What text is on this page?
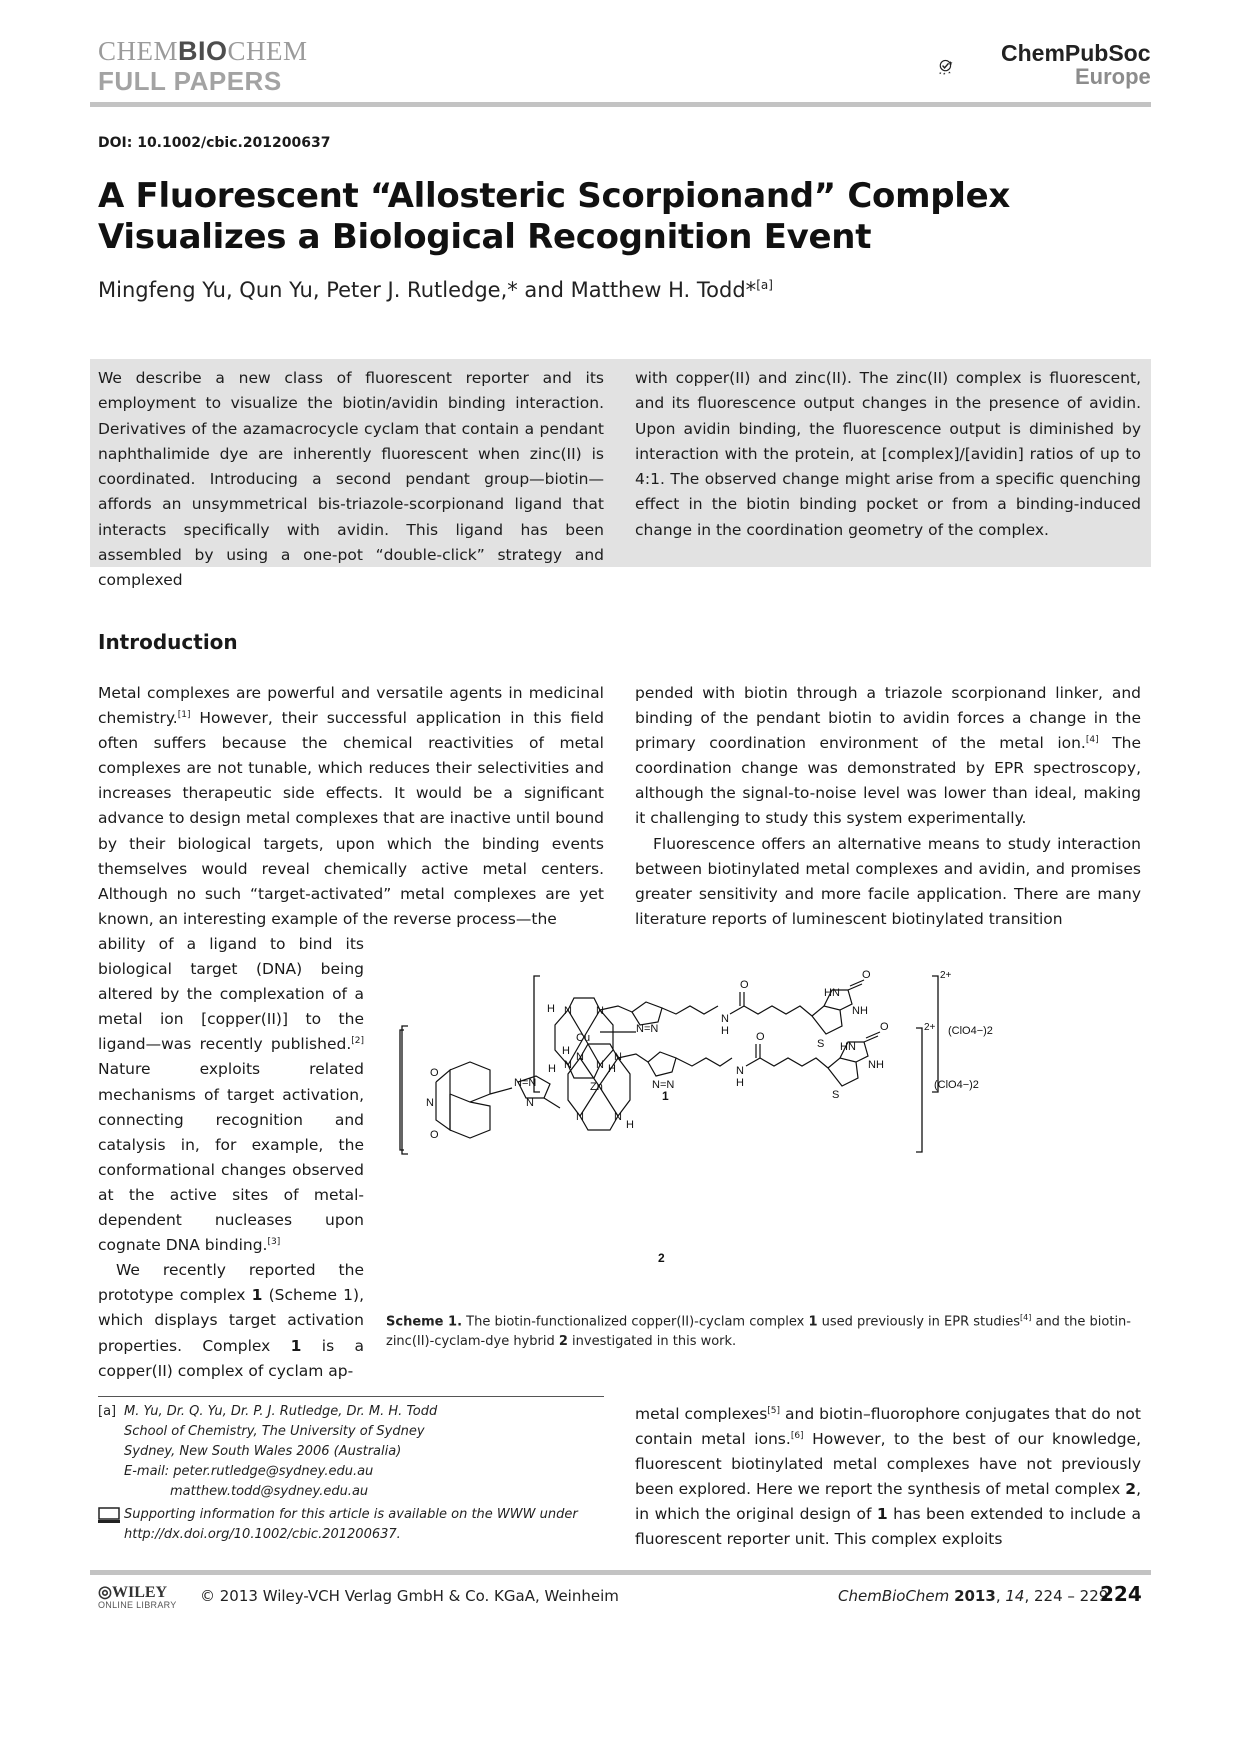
CHEMBIOCHEM
FULL PAPERS
ChemPubSoc
Europe
DOI: 10.1002/cbic.201200637
A Fluorescent “Allosteric Scorpionand” Complex Visualizes a Biological Recognition Event
Mingfeng Yu, Qun Yu, Peter J. Rutledge,* and Matthew H. Todd*[a]
We describe a new class of fluorescent reporter and its employment to visualize the biotin/avidin binding interaction. Derivatives of the azamacrocycle cyclam that contain a pendant naphthalimide dye are inherently fluorescent when zinc(II) is coordinated. Introducing a second pendant group—biotin—affords an unsymmetrical bis-triazole-scorpionand ligand that interacts specifically with avidin. This ligand has been assembled by using a one-pot “double-click” strategy and complexed
with copper(II) and zinc(II). The zinc(II) complex is fluorescent, and its fluorescence output changes in the presence of avidin. Upon avidin binding, the fluorescence output is diminished by interaction with the protein, at [complex]/[avidin] ratios of up to 4:1. The observed change might arise from a specific quenching effect in the biotin binding pocket or from a binding-induced change in the coordination geometry of the complex.
Introduction
Metal complexes are powerful and versatile agents in medicinal chemistry.[1] However, their successful application in this field often suffers because the chemical reactivities of metal complexes are not tunable, which reduces their selectivities and increases therapeutic side effects. It would be a significant advance to design metal complexes that are inactive until bound by their biological targets, upon which the binding events themselves would reveal chemically active metal centers. Although no such “target-activated” metal complexes are yet known, an interesting example of the reverse process—the
ability of a ligand to bind its biological target (DNA) being altered by the complexation of a metal ion [copper(II)] to the ligand—was recently published.[2] Nature exploits related mechanisms of target activation, connecting recognition and catalysis in, for example, the conformational changes observed at the active sites of metal-dependent nucleases upon cognate DNA binding.[3]
We recently reported the prototype complex 1 (Scheme 1), which displays target activation properties. Complex 1 is a copper(II) complex of cyclam ap-
pended with biotin through a triazole scorpionand linker, and binding of the pendant biotin to avidin forces a change in the primary coordination environment of the metal ion.[4] The coordination change was demonstrated by EPR spectroscopy, although the signal-to-noise level was lower than ideal, making it challenging to study this system experimentally.
Fluorescence offers an alternative means to study interaction between biotinylated metal complexes and avidin, and promises greater sensitivity and more facile application. There are many literature reports of luminescent biotinylated transition
H N N
Cu
N
H	N H
N=N
N
H
O
S
HN
O
NH
2+
(ClO4−)2
1
O
N
O
N=N
N
H N	N
Zn
N	N
H
N=N
N
H
O
S
HN
O
NH
2+
(ClO4−)2
2
Scheme 1. The biotin-functionalized copper(II)-cyclam complex 1 used previously in EPR studies[4] and the biotin-zinc(II)-cyclam-dye hybrid 2 investigated in this work.
[a] M. Yu, Dr. Q. Yu, Dr. P. J. Rutledge, Dr. M. H. Todd
School of Chemistry, The University of Sydney
Sydney, New South Wales 2006 (Australia)
E-mail: peter.rutledge@sydney.edu.au
matthew.todd@sydney.edu.au
Supporting information for this article is available on the WWW under http://dx.doi.org/10.1002/cbic.201200637.
metal complexes[5] and biotin–fluorophore conjugates that do not contain metal ions.[6] However, to the best of our knowledge, fluorescent biotinylated metal complexes have not previously been explored. Here we report the synthesis of metal complex 2, in which the original design of 1 has been extended to include a fluorescent reporter unit. This complex exploits
◎WILEY
ONLINE LIBRARY © 2013 Wiley-VCH Verlag GmbH & Co. KGaA, Weinheim	ChemBioChem 2013, 14, 224 – 229
224
